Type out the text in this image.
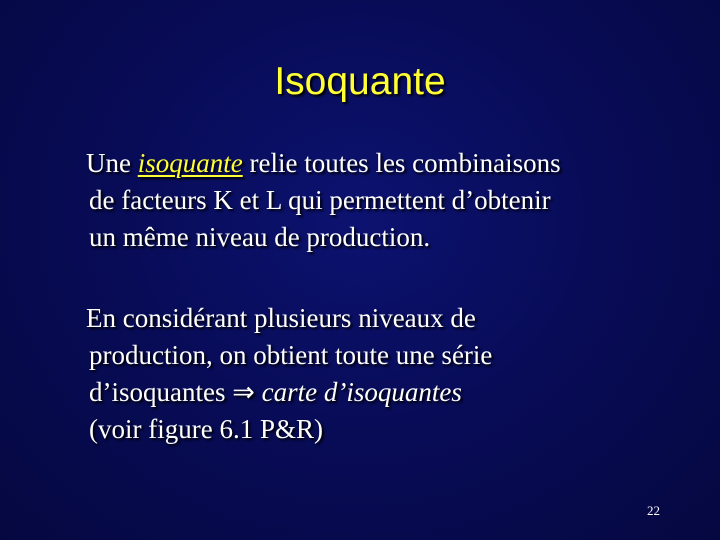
Isoquante

Une isoquante relie toutes les combinaisons
de facteurs K et L qui permettent d’obtenir
un même niveau de production.

En considérant plusieurs niveaux de
production, on obtient toute une série
d’isoquantes ⇒ carte d’isoquantes
(voir figure 6.1 P&R)

22
